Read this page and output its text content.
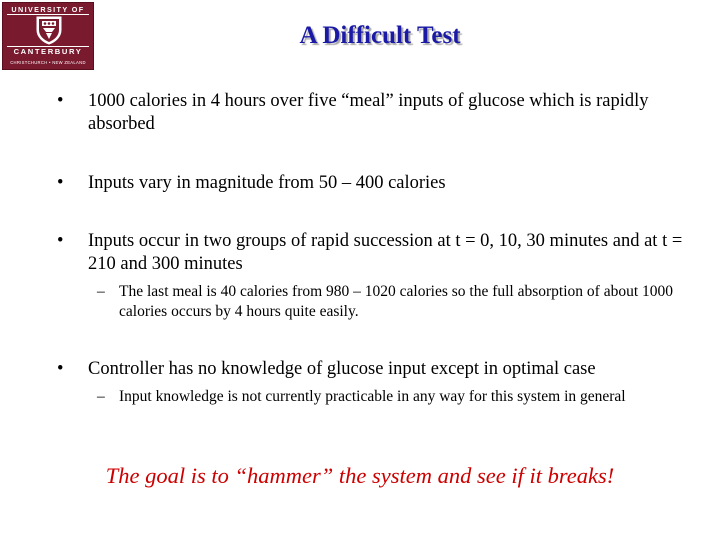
UNIVERSITY OF
CANTERBURY
CHRISTCHURCH • NEW ZEALAND
A Difficult Test
• 1000 calories in 4 hours over five “meal” inputs of glucose which is rapidly absorbed
• Inputs vary in magnitude from 50 – 400 calories
• Inputs occur in two groups of rapid succession at t = 0, 10, 30 minutes and at t = 210 and 300 minutes
– The last meal is 40 calories from 980 – 1020 calories so the full absorption of about 1000 calories occurs by 4 hours quite easily.
• Controller has no knowledge of glucose input except in optimal case
– Input knowledge is not currently practicable in any way for this system in general
The goal is to “hammer” the system and see if it breaks!
